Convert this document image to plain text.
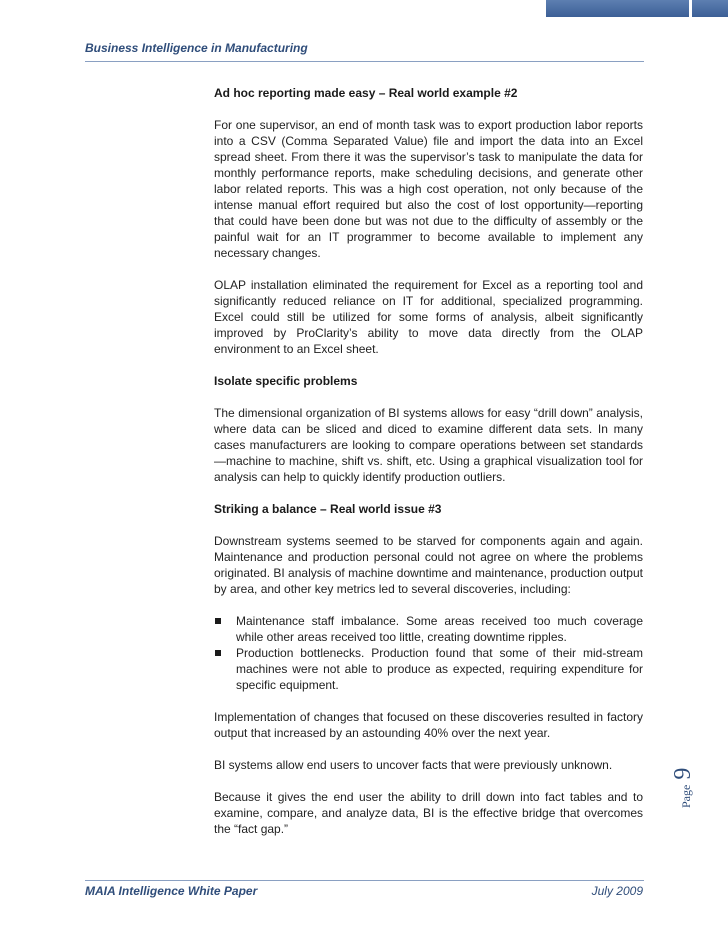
Business Intelligence in Manufacturing
Ad hoc reporting made easy – Real world example #2

For one supervisor, an end of month task was to export production labor reports into a CSV (Comma Separated Value) file and import the data into an Excel spread sheet. From there it was the supervisor’s task to manipulate the data for monthly performance reports, make scheduling decisions, and generate other labor related reports. This was a high cost operation, not only because of the intense manual effort required but also the cost of lost opportunity—reporting that could have been done but was not due to the difficulty of assembly or the painful wait for an IT programmer to become available to implement any necessary changes.

OLAP installation eliminated the requirement for Excel as a reporting tool and significantly reduced reliance on IT for additional, specialized programming. Excel could still be utilized for some forms of analysis, albeit significantly improved by ProClarity’s ability to move data directly from the OLAP environment to an Excel sheet.

Isolate specific problems

The dimensional organization of BI systems allows for easy “drill down” analysis, where data can be sliced and diced to examine different data sets. In many cases manufacturers are looking to compare operations between set standards—machine to machine, shift vs. shift, etc. Using a graphical visualization tool for analysis can help to quickly identify production outliers.

Striking a balance – Real world issue #3

Downstream systems seemed to be starved for components again and again. Maintenance and production personal could not agree on where the problems originated. BI analysis of machine downtime and maintenance, production output by area, and other key metrics led to several discoveries, including:

Maintenance staff imbalance. Some areas received too much coverage while other areas received too little, creating downtime ripples.
Production bottlenecks. Production found that some of their mid-stream machines were not able to produce as expected, requiring expenditure for specific equipment.

Implementation of changes that focused on these discoveries resulted in factory output that increased by an astounding 40% over the next year.

BI systems allow end users to uncover facts that were previously unknown.

Because it gives the end user the ability to drill down into fact tables and to examine, compare, and analyze data, BI is the effective bridge that overcomes the “fact gap.”

Page9
MAIA Intelligence White Paper	July 2009
